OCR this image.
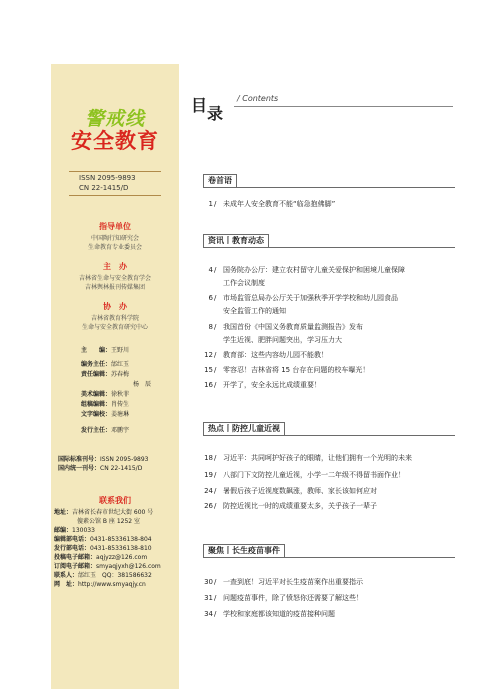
警戒线
安全教育
ISSN 2095-9893
CN 22-1415/D
指导单位
中国陶行知研究会
生命教育专业委员会
主　办
吉林省生命与安全教育学会
吉林舆林报刊传媒集团
协　办
吉林省教育科学院
生命与安全教育研究中心
主　　编：王野川
编务主任：邰红玉
责任编辑：苏春梅
杨　辰
美术编辑：徐秋菲
组稿编辑：肖传生
文字编校：姜塘琳
发行主任：邓鹏宇
国际标准刊号：ISSN 2095-9893
国内统一刊号：CN 22-1415/D
联系我们
地址：吉林省长春市世纪大街 600 号
傻素公馆 B 座 1252 室
邮编：130033
编辑部电话：0431-85336138-804
发行部电话：0431-85336138-810
投稿电子邮箱：aqjyzz@126.com
订阅电子邮箱：smyaqjyxh@126.com
联系人：邰红玉　QQ：381586632
网　址：http://www.smyaqjy.cn
目录
/ Contents
卷首语
1 / 未成年人安全教育不能“临急抱佛脚”
资讯丨教育动态
4 / 国务院办公厅：建立农村留守儿童关爱保护和困境儿童保障
工作会议制度
6 / 市场监管总局办公厅关于加强秋季开学学校和幼儿园食品
安全监管工作的通知
8 / 我国首份《中国义务教育质量监测报告》发布
学生近视、肥胖问题突出，学习压力大
12 / 教育部：这些内容幼儿园不能教！
15 / 零容忍！吉林省将 15 台存在问题的校车曝光！
16 / 开学了，安全永远比成绩重要！
热点丨防控儿童近视
18 / 习近平：共同呵护好孩子的眼睛，让他们拥有一个光明的未来
19 / 八部门下文防控儿童近视，小学一二年级不得留书面作业！
24 / 暑假后孩子近视度数飙涨，教师、家长该如何应对
26 / 防控近视比一时的成绩重要太多，关乎孩子一辈子
聚焦丨长生疫苗事件
30 / 一查到底！习近平对长生疫苗案作出重要指示
31 / 问题疫苗事件，除了愤怒你还需要了解这些！
34 / 学校和家庭都该知道的疫苗接种问题
